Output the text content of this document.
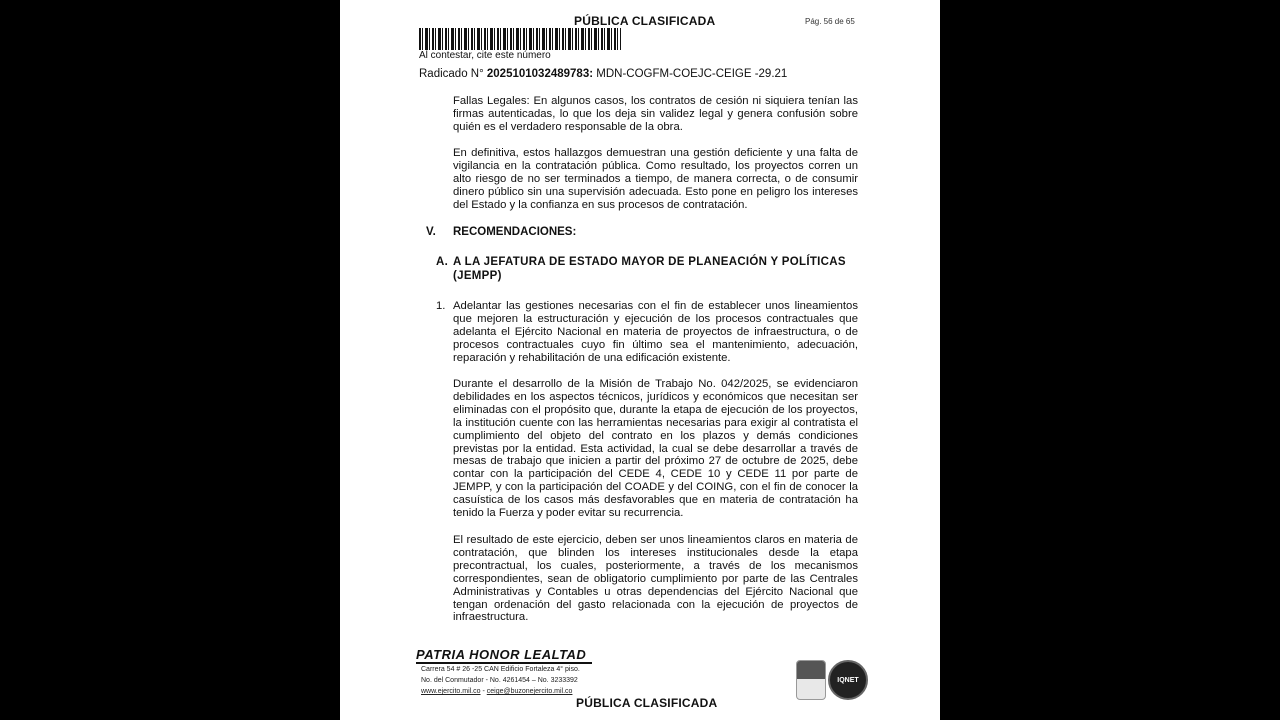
PÚBLICA CLASIFICADA	Pág. 56 de 65
Al contestar, cite este número
Radicado N° 2025101032489783: MDN-COGFM-COEJC-CEIGE -29.21
Fallas Legales: En algunos casos, los contratos de cesión ni siquiera tenían las firmas autenticadas, lo que los deja sin validez legal y genera confusión sobre quién es el verdadero responsable de la obra.
En definitiva, estos hallazgos demuestran una gestión deficiente y una falta de vigilancia en la contratación pública. Como resultado, los proyectos corren un alto riesgo de no ser terminados a tiempo, de manera correcta, o de consumir dinero público sin una supervisión adecuada. Esto pone en peligro los intereses del Estado y la confianza en sus procesos de contratación.
V. RECOMENDACIONES:
A. A LA JEFATURA DE ESTADO MAYOR DE PLANEACIÓN Y POLÍTICAS (JEMPP)
1. Adelantar las gestiones necesarias con el fin de establecer unos lineamientos que mejoren la estructuración y ejecución de los procesos contractuales que adelanta el Ejército Nacional en materia de proyectos de infraestructura, o de procesos contractuales cuyo fin último sea el mantenimiento, adecuación, reparación y rehabilitación de una edificación existente.
Durante el desarrollo de la Misión de Trabajo No. 042/2025, se evidenciaron debilidades en los aspectos técnicos, jurídicos y económicos que necesitan ser eliminadas con el propósito que, durante la etapa de ejecución de los proyectos, la institución cuente con las herramientas necesarias para exigir al contratista el cumplimiento del objeto del contrato en los plazos y demás condiciones previstas por la entidad. Esta actividad, la cual se debe desarrollar a través de mesas de trabajo que inicien a partir del próximo 27 de octubre de 2025, debe contar con la participación del CEDE 4, CEDE 10 y CEDE 11 por parte de JEMPP, y con la participación del COADE y del COING, con el fin de conocer la casuística de los casos más desfavorables que en materia de contratación ha tenido la Fuerza y poder evitar su recurrencia.
El resultado de este ejercicio, deben ser unos lineamientos claros en materia de contratación, que blinden los intereses institucionales desde la etapa precontractual, los cuales, posteriormente, a través de los mecanismos correspondientes, sean de obligatorio cumplimiento por parte de las Centrales Administrativas y Contables u otras dependencias del Ejército Nacional que tengan ordenación del gasto relacionada con la ejecución de proyectos de infraestructura.
PATRIA HONOR LEALTAD
Carrera 54 # 26 -25 CAN Edificio Fortaleza 4° piso.
No. del Conmutador - No. 4261454 – No. 3233392
www.ejercito.mil.co - ceige@buzonejercito.mil.co
IQNET
PÚBLICA CLASIFICADA
